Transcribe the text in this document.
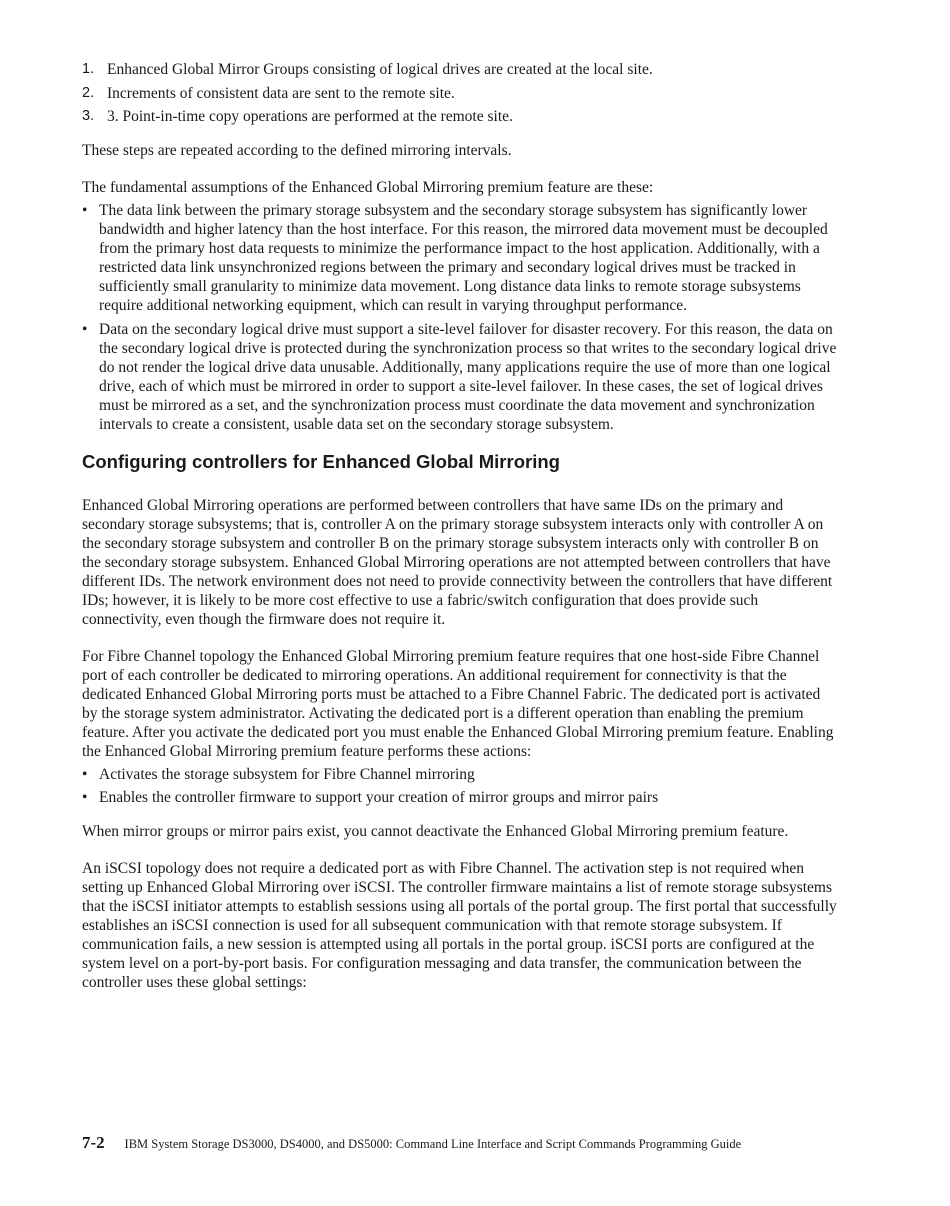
1. Enhanced Global Mirror Groups consisting of logical drives are created at the local site.
2. Increments of consistent data are sent to the remote site.
3. 3. Point-in-time copy operations are performed at the remote site.

These steps are repeated according to the defined mirroring intervals.

The fundamental assumptions of the Enhanced Global Mirroring premium feature are these:

• The data link between the primary storage subsystem and the secondary storage subsystem has significantly lower bandwidth and higher latency than the host interface. For this reason, the mirrored data movement must be decoupled from the primary host data requests to minimize the performance impact to the host application. Additionally, with a restricted data link unsynchronized regions between the primary and secondary logical drives must be tracked in sufficiently small granularity to minimize data movement. Long distance data links to remote storage subsystems require additional networking equipment, which can result in varying throughput performance.
• Data on the secondary logical drive must support a site-level failover for disaster recovery. For this reason, the data on the secondary logical drive is protected during the synchronization process so that writes to the secondary logical drive do not render the logical drive data unusable. Additionally, many applications require the use of more than one logical drive, each of which must be mirrored in order to support a site-level failover. In these cases, the set of logical drives must be mirrored as a set, and the synchronization process must coordinate the data movement and synchronization intervals to create a consistent, usable data set on the secondary storage subsystem.
Configuring controllers for Enhanced Global Mirroring

Enhanced Global Mirroring operations are performed between controllers that have same IDs on the primary and secondary storage subsystems; that is, controller A on the primary storage subsystem interacts only with controller A on the secondary storage subsystem and controller B on the primary storage subsystem interacts only with controller B on the secondary storage subsystem. Enhanced Global Mirroring operations are not attempted between controllers that have different IDs. The network environment does not need to provide connectivity between the controllers that have different IDs; however, it is likely to be more cost effective to use a fabric/switch configuration that does provide such connectivity, even though the firmware does not require it.

For Fibre Channel topology the Enhanced Global Mirroring premium feature requires that one host-side Fibre Channel port of each controller be dedicated to mirroring operations. An additional requirement for connectivity is that the dedicated Enhanced Global Mirroring ports must be attached to a Fibre Channel Fabric. The dedicated port is activated by the storage system administrator. Activating the dedicated port is a different operation than enabling the premium feature. After you activate the dedicated port you must enable the Enhanced Global Mirroring premium feature. Enabling the Enhanced Global Mirroring premium feature performs these actions:

• Activates the storage subsystem for Fibre Channel mirroring
• Enables the controller firmware to support your creation of mirror groups and mirror pairs

When mirror groups or mirror pairs exist, you cannot deactivate the Enhanced Global Mirroring premium feature.

An iSCSI topology does not require a dedicated port as with Fibre Channel. The activation step is not required when setting up Enhanced Global Mirroring over iSCSI. The controller firmware maintains a list of remote storage subsystems that the iSCSI initiator attempts to establish sessions using all portals of the portal group. The first portal that successfully establishes an iSCSI connection is used for all subsequent communication with that remote storage subsystem. If communication fails, a new session is attempted using all portals in the portal group. iSCSI ports are configured at the system level on a port-by-port basis. For configuration messaging and data transfer, the communication between the controller uses these global settings:

7-2 IBM System Storage DS3000, DS4000, and DS5000: Command Line Interface and Script Commands Programming Guide
